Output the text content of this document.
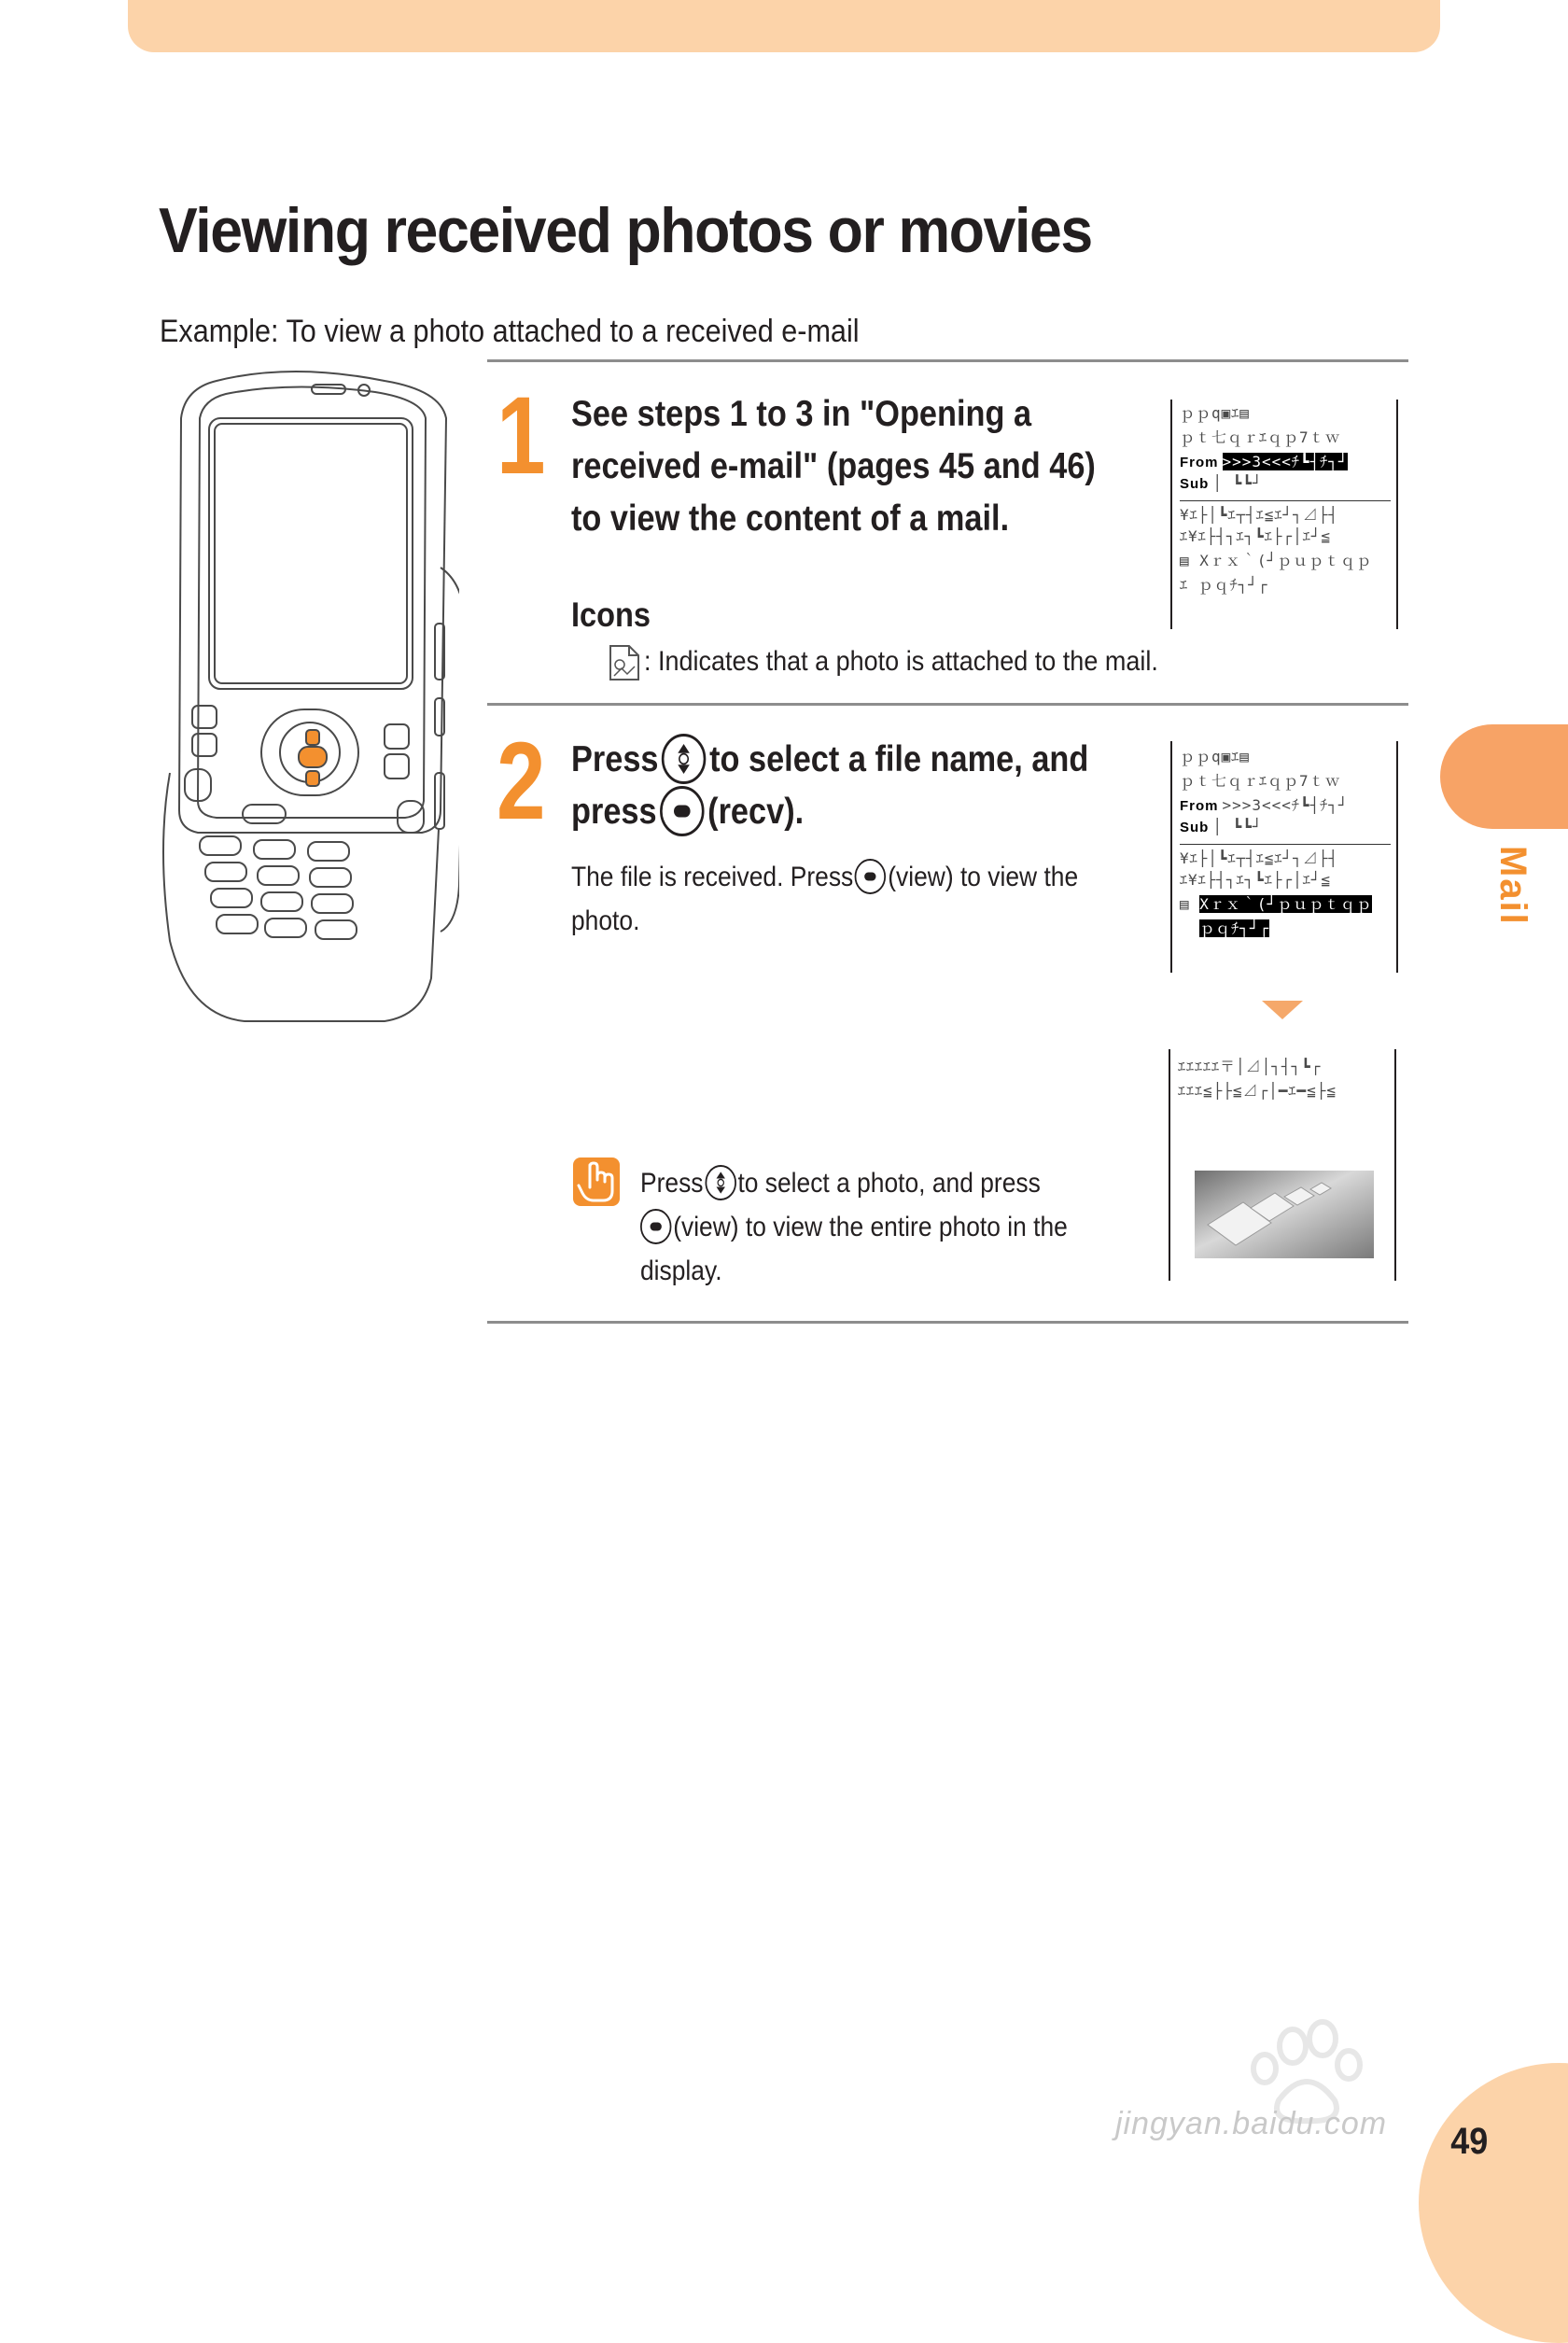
Viewing received photos or movies
Example: To view a photo attached to a received e-mail
1 See steps 1 to 3 in "Opening a
received e-mail" (pages 45 and 46)
to view the content of a mail.
Icons
: Indicates that a photo is attached to the mail.
ｐｐq▣ｴ▤
ｐｔ七ｑｒｴｑｐ7ｔｗ
From >>>3<<<ﾁ┗┤ﾁ┐┘
Sub │ ┗┗┘
¥ｴ├│┗ｴ┬┤ｴ≦ｴ┘┐⊿├┤
ｴ¥ｴ├┤┐ｴ┐┗ｴ├┌│ｴ┘≦
▤ Xｒｘ｀(┘ｐｕｐｔｑｐ
ｴ ｐｑﾁ┐┘┌
2 Press to select a file name, and
press (recv).
The file is received. Press (view) to view the
photo.
ｐｐq▣ｴ▤
ｐｔ七ｑｒｴｑｐ7ｔｗ
From >>>3<<<ﾁ┗┤ﾁ┐┘
Sub │ ┗┗┘
¥ｴ├│┗ｴ┬┤ｴ≦ｴ┘┐⊿├┤
ｴ¥ｴ├┤┐ｴ┐┗ｴ├┌│ｴ┘≦
▤ Xｒｘ｀(┘ｐｕｐｔｑｐ
ｐｑﾁ┐┘┌
ｴｴｴｴｴ〒│⊿│┐┤┐┗┌
ｴｴｴ≦├├≦⊿┌│━ｴ━≦├≦
Press to select a photo, and press
(view) to view the entire photo in the
display.
Mail
jingyan.baidu.com 49
